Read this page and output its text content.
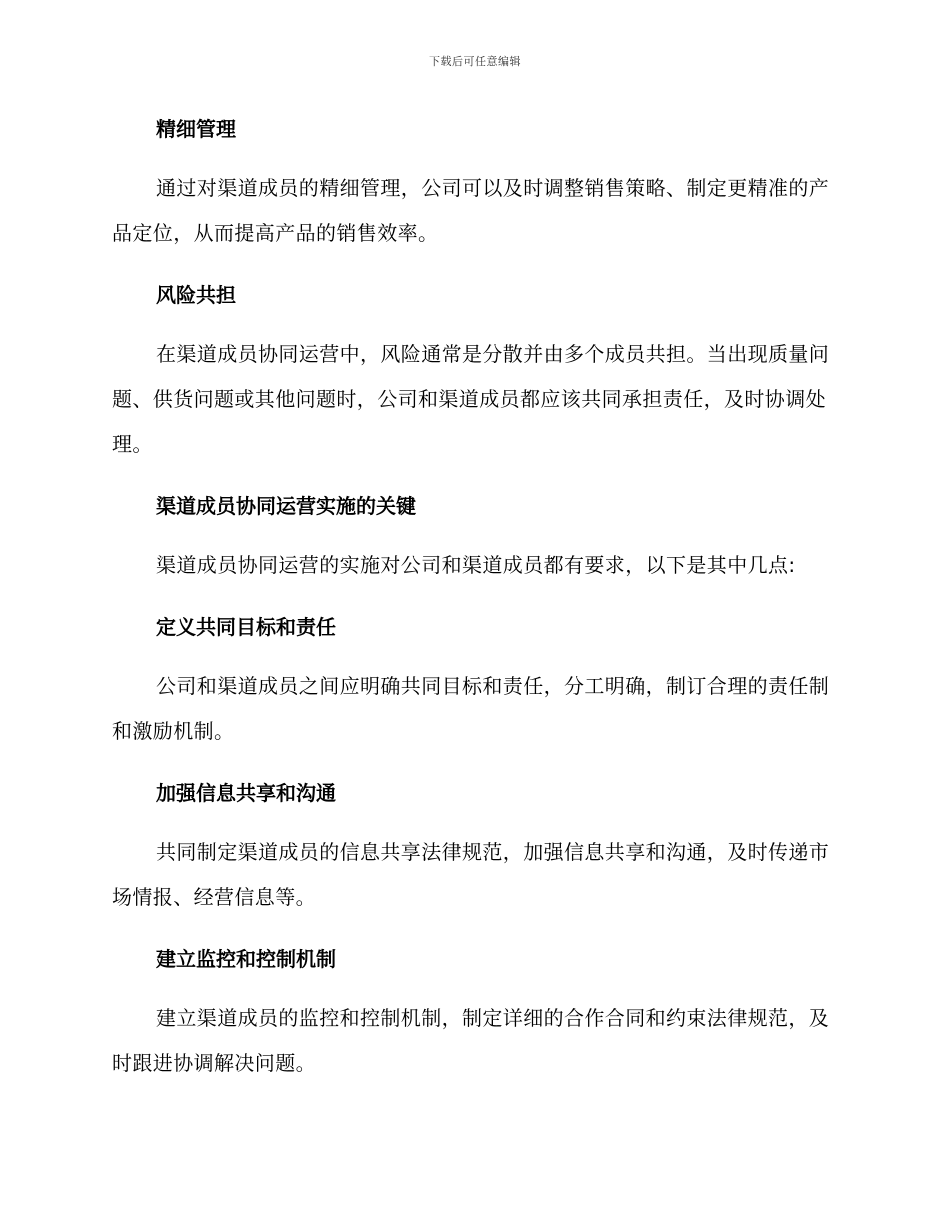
下载后可任意编辑
精细管理
通过对渠道成员的精细管理，公司可以及时调整销售策略、制定更精准的产品定位，从而提高产品的销售效率。
风险共担
在渠道成员协同运营中，风险通常是分散并由多个成员共担。当出现质量问题、供货问题或其他问题时，公司和渠道成员都应该共同承担责任，及时协调处理。
渠道成员协同运营实施的关键
渠道成员协同运营的实施对公司和渠道成员都有要求，以下是其中几点:
定义共同目标和责任
公司和渠道成员之间应明确共同目标和责任，分工明确，制订合理的责任制和激励机制。
加强信息共享和沟通
共同制定渠道成员的信息共享法律规范，加强信息共享和沟通，及时传递市场情报、经营信息等。
建立监控和控制机制
建立渠道成员的监控和控制机制，制定详细的合作合同和约束法律规范，及时跟进协调解决问题。
